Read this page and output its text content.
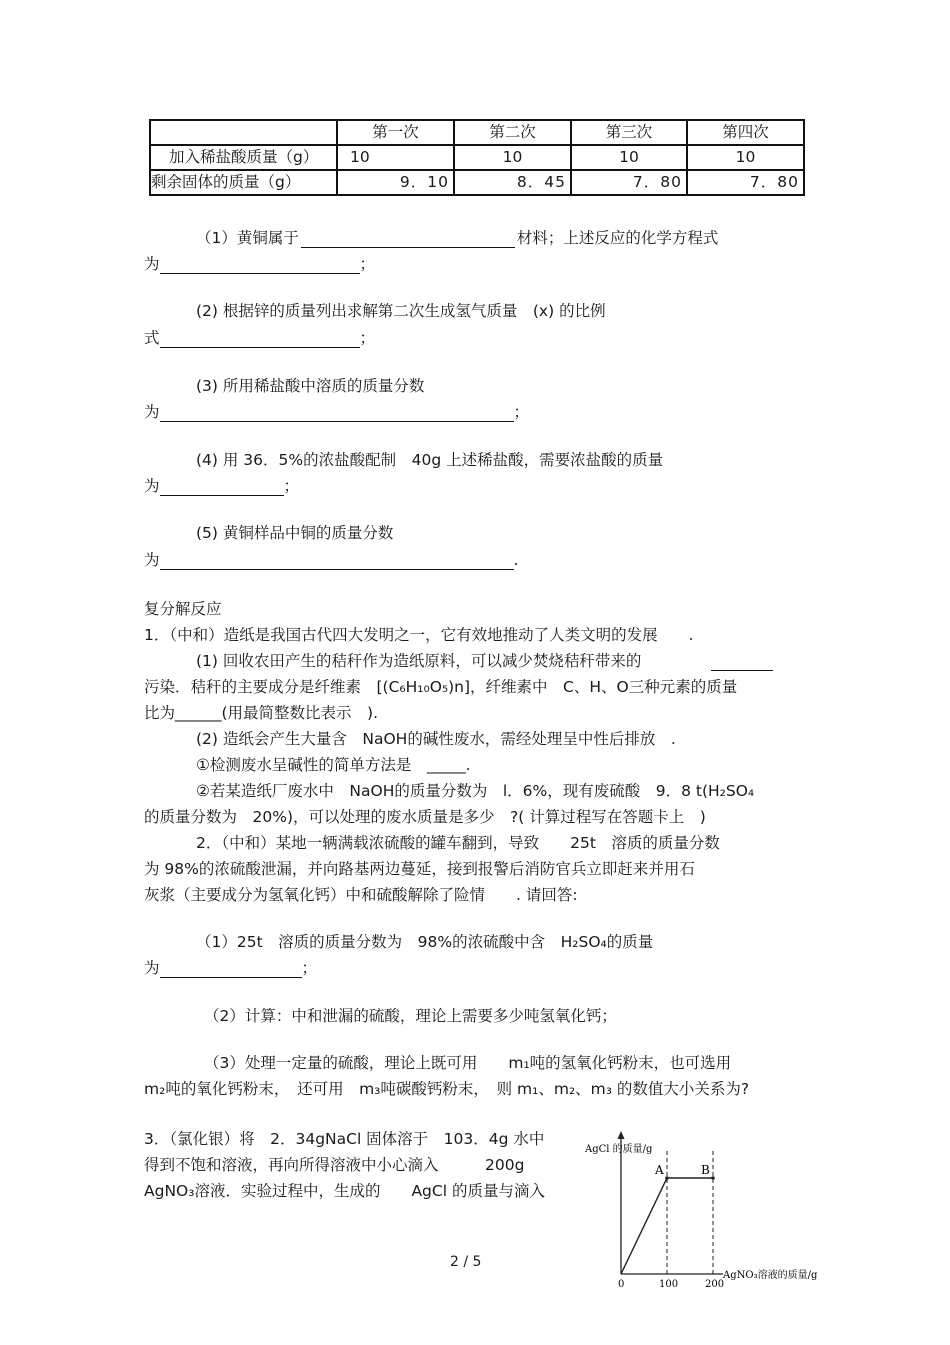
	第一次	第二次	第三次	第四次
加入稀盐酸质量（g）	10	10	10	10
剩余固体的质量（g）	9．10	8．45	7．80	7．80
（1）黄铜属于	材料；上述反应的化学方程式
为	；
(2) 根据锌的质量列出求解第二次生成氢气质量　(x) 的比例
式	；
(3) 所用稀盐酸中溶质的质量分数
为	；
(4) 用 36．5%的浓盐酸配制　40g 上述稀盐酸，需要浓盐酸的质量
为	；
(5) 黄铜样品中铜的质量分数
为	.
复分解反应
1．（中和）造纸是我国古代四大发明之一，它有效地推动了人类文明的发展　　.
(1) 回收农田产生的秸秆作为造纸原料，可以减少焚烧秸秆带来的
污染．秸秆的主要成分是纤维素　[(C₆H₁₀O₅)n]，纤维素中　C、H、O三种元素的质量
比为______(用最简整数比表示　).
(2) 造纸会产生大量含　NaOH的碱性废水，需经处理呈中性后排放　.
①检测废水呈碱性的简单方法是　_____.
②若某造纸厂废水中　NaOH的质量分数为　l．6%，现有废硫酸　9．8 t(H₂SO₄
的质量分数为　20%)，可以处理的废水质量是多少　?( 计算过程写在答题卡上　)
2．（中和）某地一辆满载浓硫酸的罐车翻到，导致　　25t　溶质的质量分数
为 98%的浓硫酸泄漏，并向路基两边蔓延，接到报警后消防官兵立即赶来并用石
灰浆（主要成分为氢氧化钙）中和硫酸解除了险情　　. 请回答:
（1）25t　溶质的质量分数为　98%的浓硫酸中含　H₂SO₄的质量
为	；
（2）计算：中和泄漏的硫酸，理论上需要多少吨氢氧化钙；
（3）处理一定量的硫酸，理论上既可用　　m₁吨的氢氧化钙粉末，也可选用
m₂吨的氧化钙粉末，　还可用　m₃吨碳酸钙粉末，　则 m₁、m₂、m₃ 的数值大小关系为?
3．（氯化银）将　2．34gNaCl 固体溶于　103．4g 水中
得到不饱和溶液，再向所得溶液中小心滴入　　　200g
AgNO₃溶液．实验过程中，生成的　　AgCl 的质量与滴入
AgCl 的质量/g
AgNO₃溶液的质量/g
A	B
0	100	200
2 / 5
